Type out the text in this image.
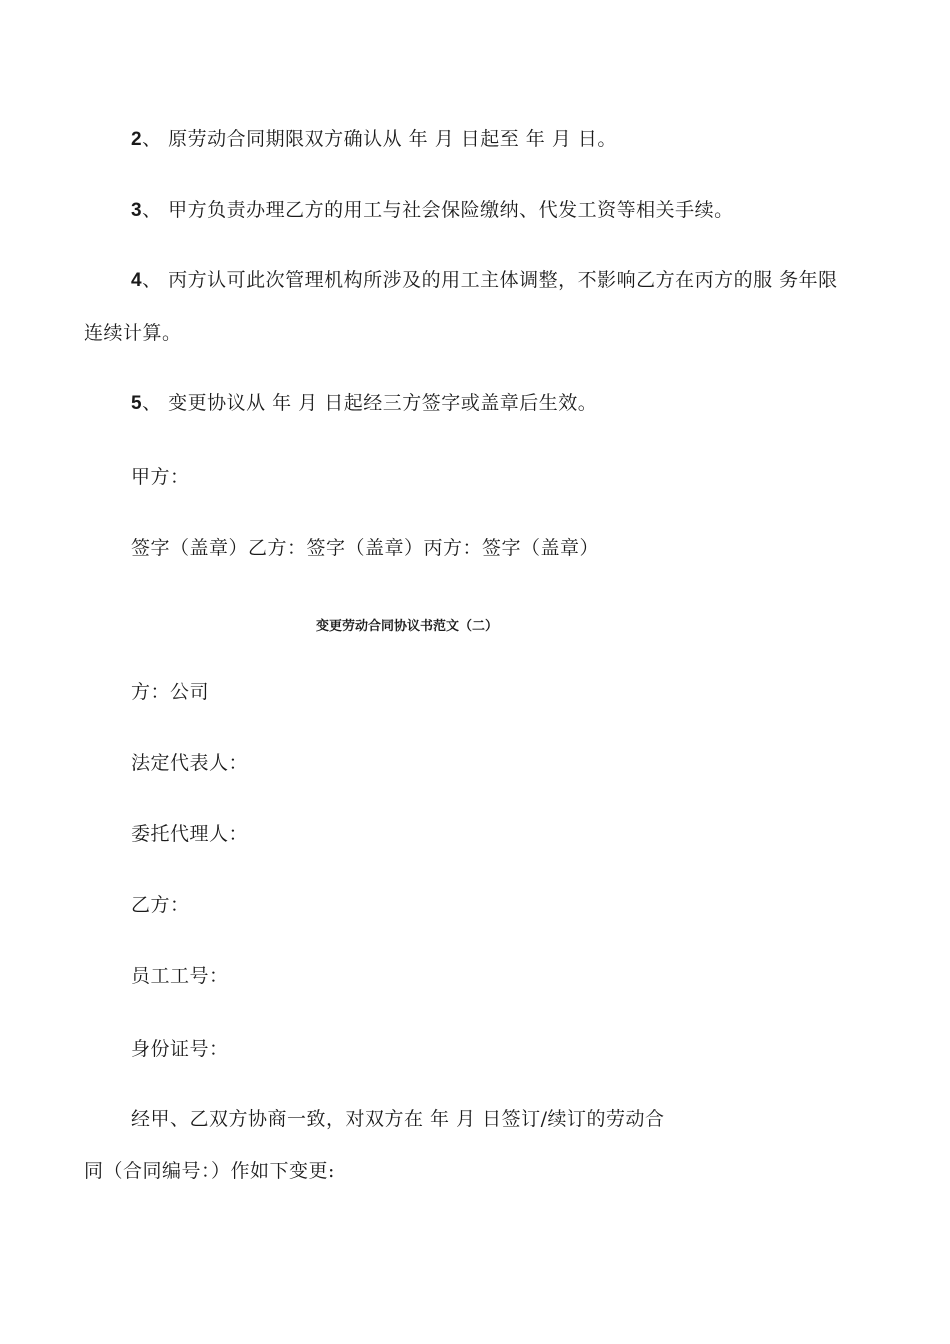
2、 原劳动合同期限双方确认从 年 月 日起至 年 月 日。
3、 甲方负责办理乙方的用工与社会保险缴纳、代发工资等相关手续。
4、 丙方认可此次管理机构所涉及的用工主体调整，不影响乙方在丙方的服 务年限
连续计算。
5、 变更协议从 年 月 日起经三方签字或盖章后生效。
甲方：
签字（盖章）乙方：签字（盖章）丙方：签字（盖章）
变更劳动合同协议书范文（二）
方：公司
法定代表人：
委托代理人：
乙方：
员工工号：
身份证号：
经甲、乙双方协商一致，对双方在 年 月 日签订/续订的劳动合
同（合同编号：）作如下变更:
